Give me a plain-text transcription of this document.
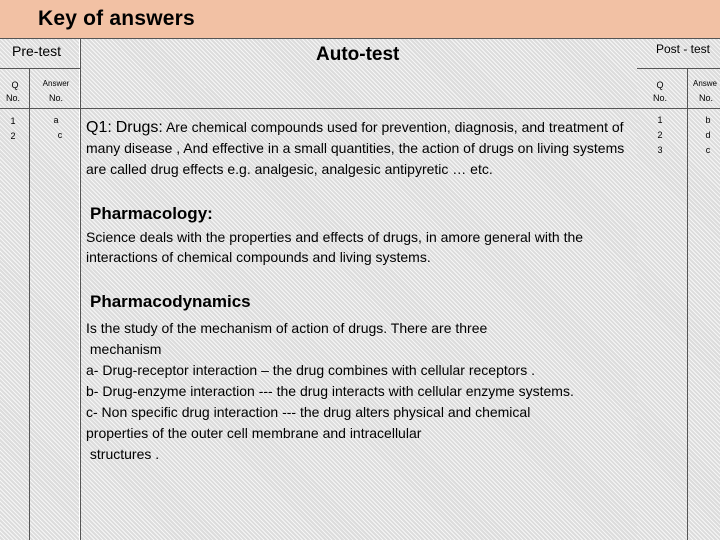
Key of answers
Pre-test	Auto-test	Post - test
Q
No.
Answer
No.
1
2
a
c
Q
No.
Answe
No.
1
2
3
b
d
c
Q1: Drugs: Are chemical compounds used for prevention, diagnosis, and treatment of many disease , And effective in a small quantities, the action of drugs on living systems are called drug effects e.g. analgesic, analgesic antipyretic … etc.
Pharmacology:
Science deals with the properties and effects of drugs, in amore general with the interactions of chemical compounds and living systems.
Pharmacodynamics
Is the study of the mechanism of action of drugs. There are three
mechanism
a- Drug-receptor interaction – the drug combines with cellular receptors .
b- Drug-enzyme interaction --- the drug interacts with cellular enzyme systems.
c- Non specific drug interaction --- the drug alters physical and chemical properties of the outer cell membrane and intracellular
structures .
